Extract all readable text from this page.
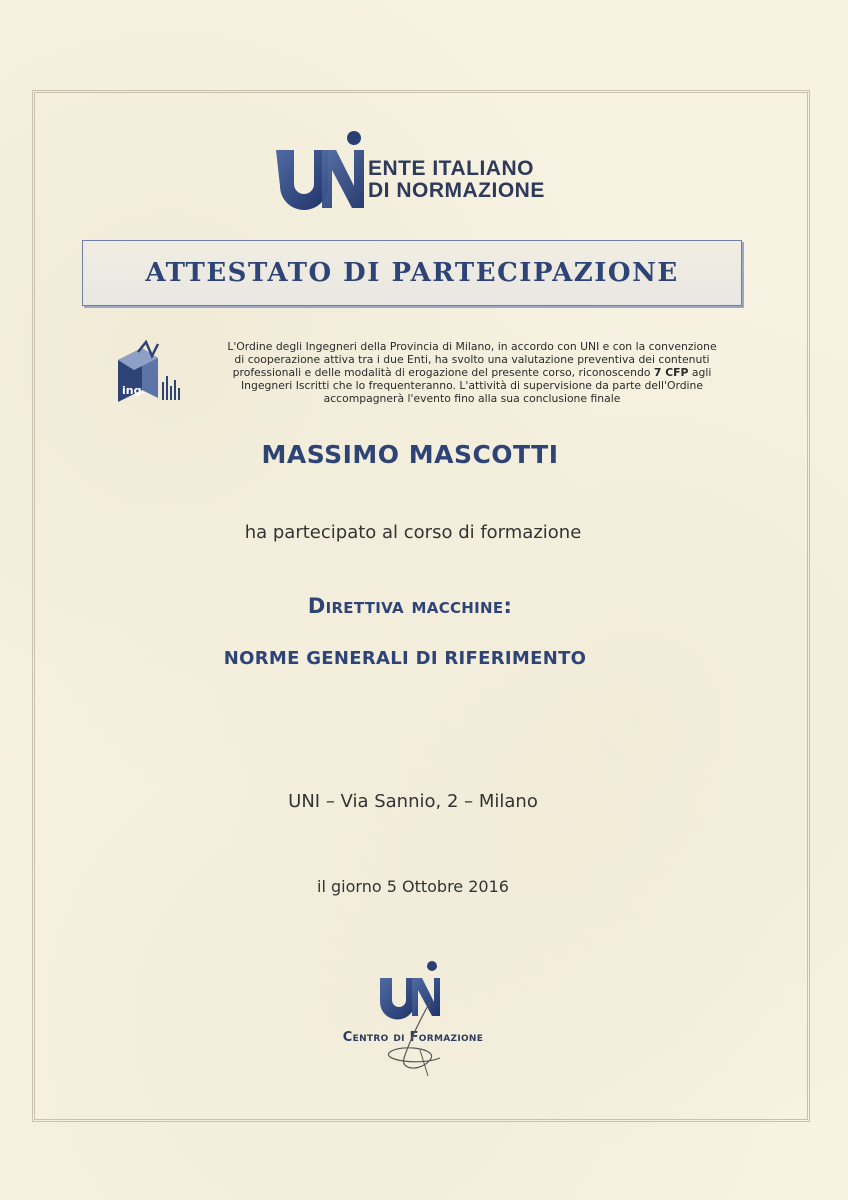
ENTE ITALIANO
DI NORMAZIONE
ATTESTATO DI PARTECIPAZIONE
ing.
L'Ordine degli Ingegneri della Provincia di Milano, in accordo con UNI e con la convenzione
di cooperazione attiva tra i due Enti, ha svolto una valutazione preventiva dei contenuti
professionali e delle modalità di erogazione del presente corso, riconoscendo 7 CFP agli
Ingegneri Iscritti che lo frequenteranno. L'attività di supervisione da parte dell'Ordine
accompagnerà l'evento fino alla sua conclusione finale
MASSIMO MASCOTTI
ha partecipato al corso di formazione
Direttiva macchine:
NORME GENERALI DI RIFERIMENTO
UNI – Via Sannio, 2 – Milano
il giorno 5 Ottobre 2016
Centro di Formazione
